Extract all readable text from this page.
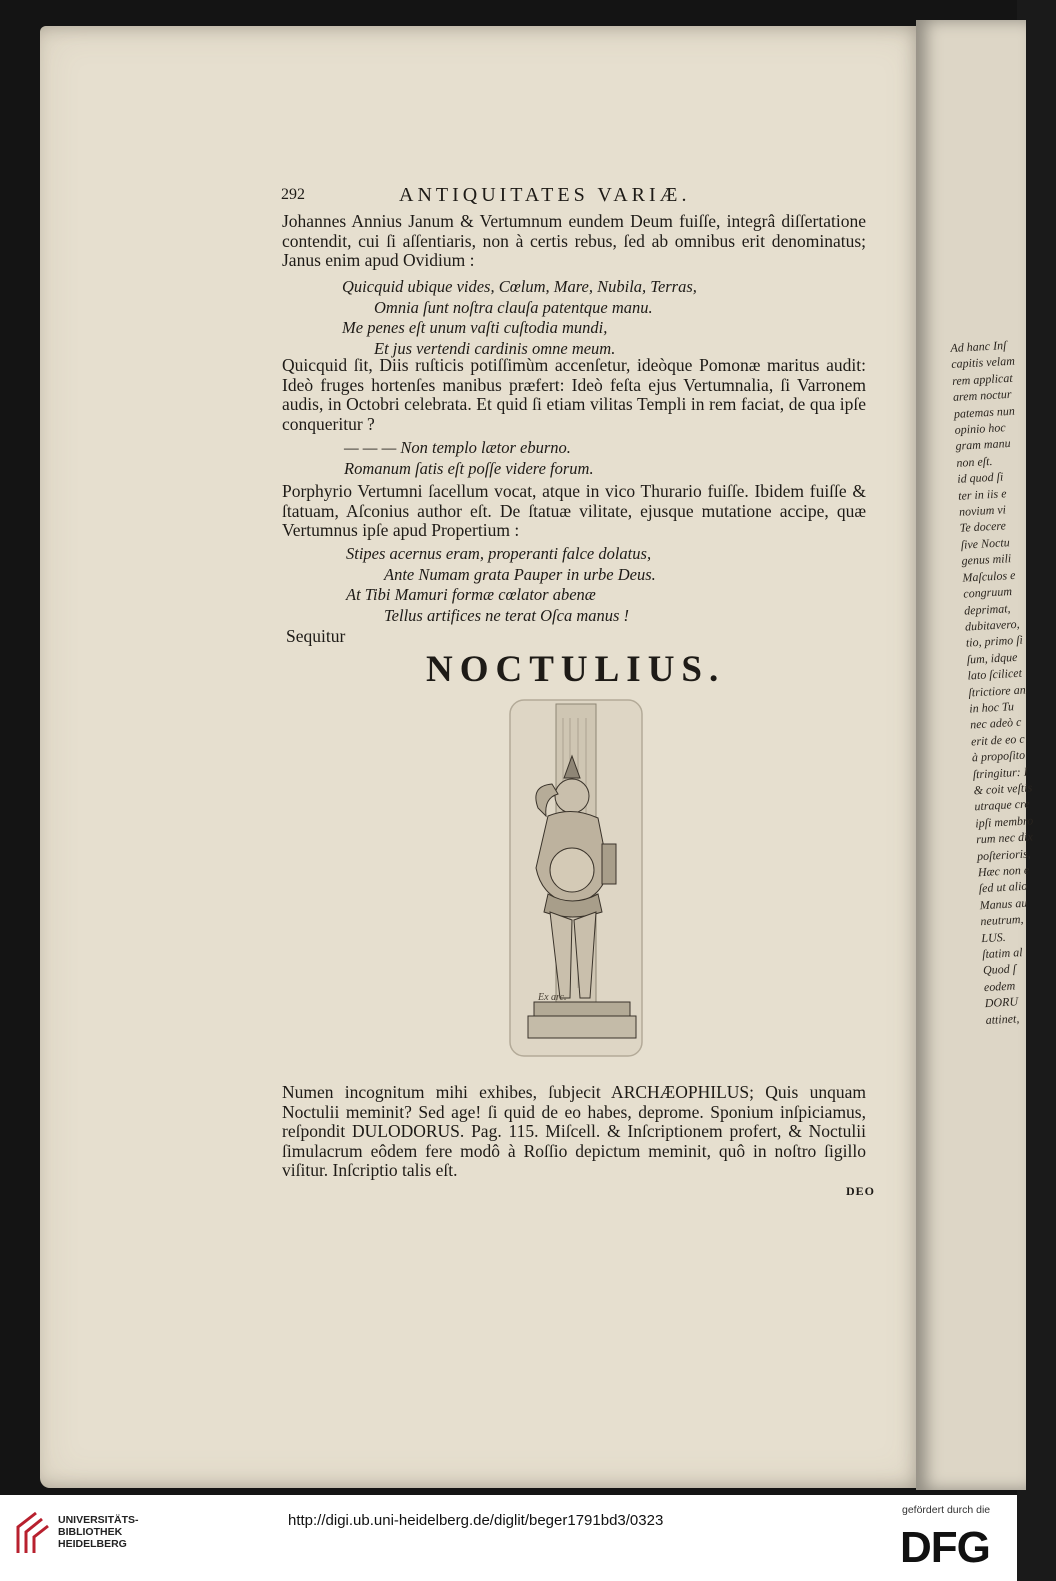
292	ANTIQUITATES VARIÆ.
Johannes Annius Janum & Vertumnum eundem Deum fuiſſe, integrâ diſſertatione contendit, cui ſi aſſentiaris, non à certis rebus, ſed ab omnibus erit denominatus; Janus enim apud Ovidium :
Quicquid ubique vides, Cœlum, Mare, Nubila, Terras,
Omnia ſunt noſtra clauſa patentque manu.
Me penes eſt unum vaſti cuſtodia mundi,
Et jus vertendi cardinis omne meum.
Quicquid ſit, Diis ruſticis potiſſimùm accenſetur, ideòque Pomonæ maritus audit: Ideò fruges hortenſes manibus præfert: Ideò feſta ejus Vertumnalia, ſi Varronem audis, in Octobri celebrata. Et quid ſi etiam vilitas Templi in rem faciat, de qua ipſe conqueritur ?
— — — Non templo lætor eburno.
Romanum ſatis eſt poſſe videre forum.
Porphyrio Vertumni ſacellum vocat, atque in vico Thurario fuiſſe. Ibidem fuiſſe & ſtatuam, Aſconius author eſt. De ſtatuæ vilitate, ejusque mutatione accipe, quæ Vertumnus ipſe apud Propertium :
Stipes acernus eram, properanti falce dolatus,
Ante Numam grata Pauper in urbe Deus.
At Tibi Mamuri formæ cœlator abenæ
Tellus artifices ne terat Oſca manus !
Sequitur
NOCTULIUS.
Ex arc.
Numen incognitum mihi exhibes, ſubjecit ARCHÆOPHILUS; Quis unquam Noctulii meminit? Sed age! ſi quid de eo habes, deprome. Sponium inſpiciamus, reſpondit DULODORUS. Pag. 115. Miſcell. & Inſcriptionem profert, & Noctulii ſimulacrum eôdem fere modô à Roſſio depictum meminit, quô in noſtro ſigillo viſitur. Inſcriptio talis eſt.
DEO
Ad hanc Inſ
capitis velam
rem applicat
arem noctur
patemas nun
opinio hoc
gram manu
non eſt.
id quod ſi
ter in iis e
novium vi
Te docere
ſive Noctu
genus mili
Maſculos e
congruum
deprimat,
dubitavero,
tio, primo ſi
ſum, idque
lato ſcilicet
ſtrictiore an
in hoc Tu
nec adeò c
erit de eo c
à propoſito
ſtringitur: I
& coit veſtis
utraque cre
ipſi membro
rum nec dix
poſterioris,
Hæc non e
ſed ut alio
Manus au
neutrum,
LUS.
ſtatim al
Quod ſ
eodem
DORU
attinet,
UNIVERSITÄTS-
BIBLIOTHEK
HEIDELBERG
http://digi.ub.uni-heidelberg.de/diglit/beger1791bd3/0323
gefördert durch die
DFG
